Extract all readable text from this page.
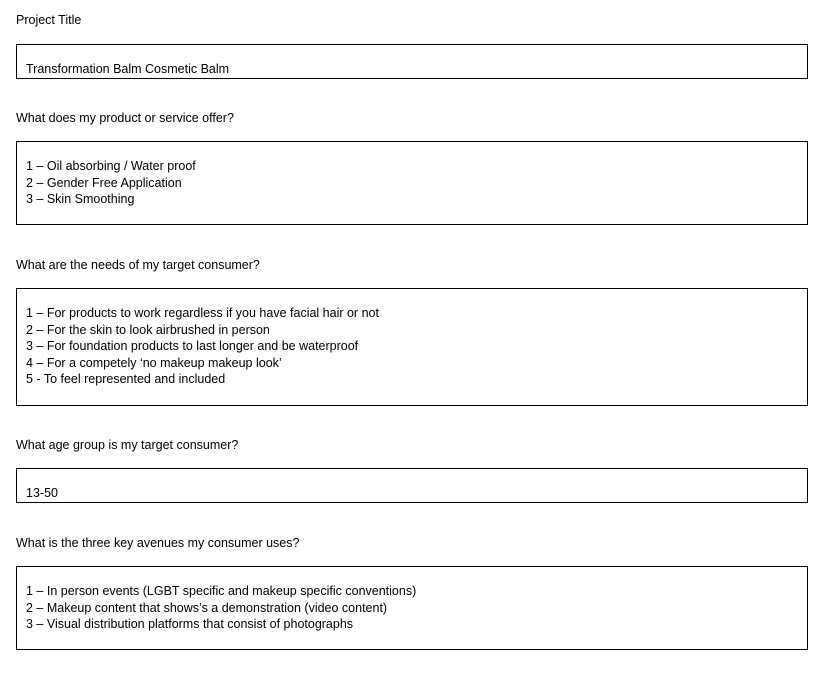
Project Title
Transformation Balm Cosmetic Balm
What does my product or service offer?
1 – Oil absorbing / Water proof
2 – Gender Free Application
3 – Skin Smoothing
What are the needs of my target consumer?
1 – For products to work regardless if you have facial hair or not
2 – For the skin to look airbrushed in person
3 – For foundation products to last longer and be waterproof
4 – For a competely ‘no makeup makeup look’
5 - To feel represented and included
What age group is my target consumer?
13-50
What is the three key avenues my consumer uses?
1 – In person events (LGBT specific and makeup specific conventions)
2 – Makeup content that shows’s a demonstration (video content)
3 – Visual distribution platforms that consist of photographs
